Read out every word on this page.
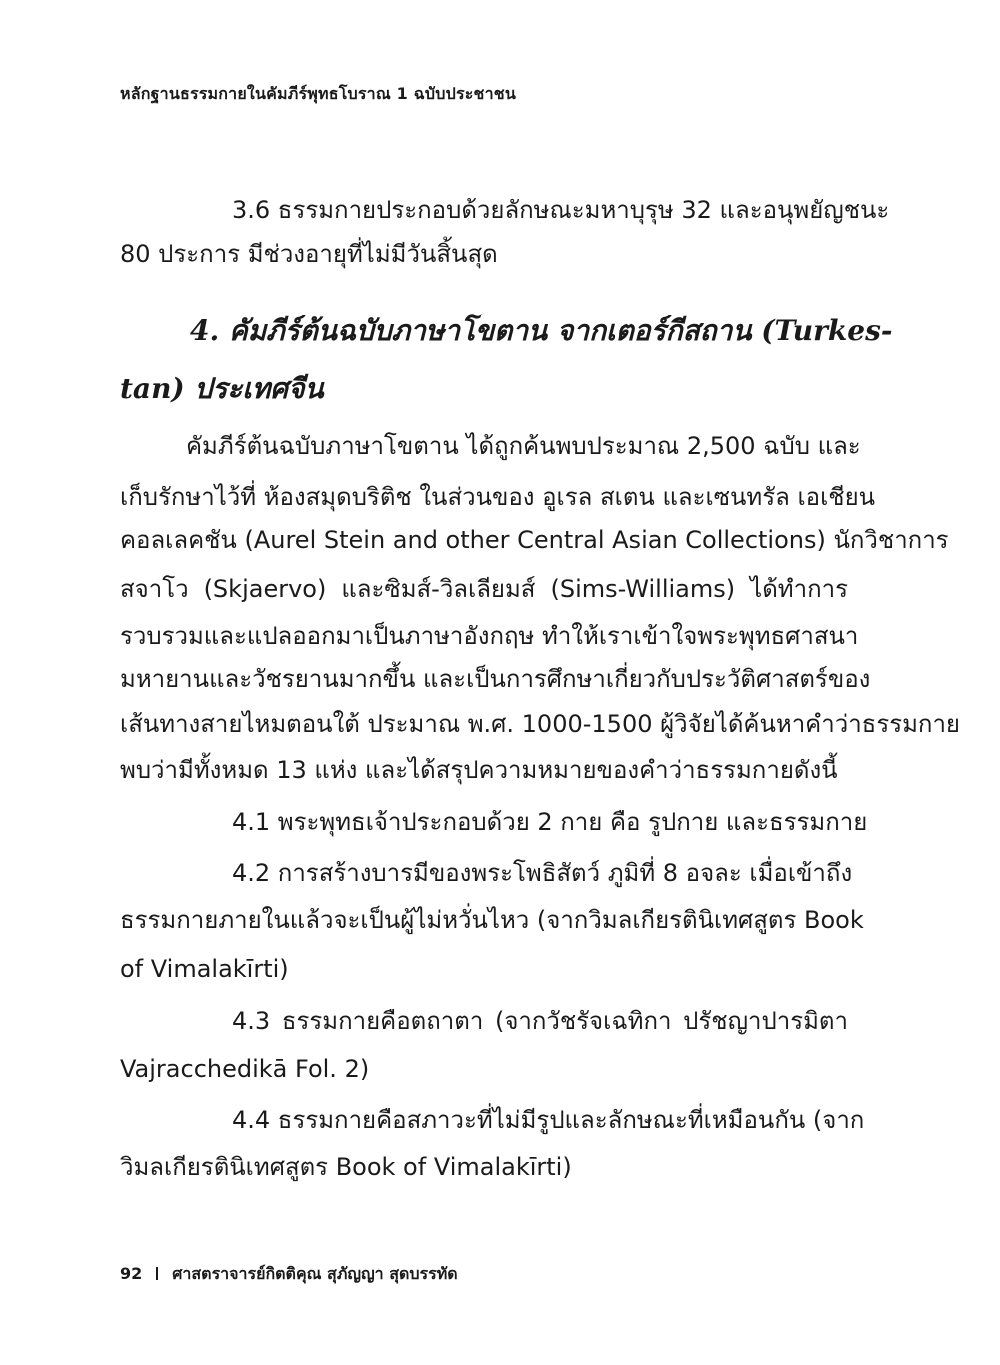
หลักฐานธรรมกายในคัมภีร์พุทธโบราณ 1 ฉบับประชาชน
3.6 ธรรมกายประกอบด้วยลักษณะมหาบุรุษ 32 และอนุพยัญชนะ
80 ประการ มีช่วงอายุที่ไม่มีวันสิ้นสุด
4. คัมภีร์ต้นฉบับภาษาโขตาน จากเตอร์กีสถาน (Turkes-
tan) ประเทศจีน
คัมภีร์ต้นฉบับภาษาโขตาน ได้ถูกค้นพบประมาณ 2,500 ฉบับ และ
เก็บรักษาไว้ที่ ห้องสมุดบริติช ในส่วนของ อูเรล สเตน และเซนทรัล เอเชียน
คอลเลคชัน (Aurel Stein and other Central Asian Collections) นักวิชาการ
สจาโว (Skjaervo) และซิมส์-วิลเลียมส์ (Sims-Williams) ได้ทำการ
รวบรวมและแปลออกมาเป็นภาษาอังกฤษ ทำให้เราเข้าใจพระพุทธศาสนา
มหายานและวัชรยานมากขึ้น และเป็นการศึกษาเกี่ยวกับประวัติศาสตร์ของ
เส้นทางสายไหมตอนใต้ ประมาณ พ.ศ. 1000-1500 ผู้วิจัยได้ค้นหาคำว่าธรรมกาย
พบว่ามีทั้งหมด 13 แห่ง และได้สรุปความหมายของคำว่าธรรมกายดังนี้
4.1 พระพุทธเจ้าประกอบด้วย 2 กาย คือ รูปกาย และธรรมกาย
4.2 การสร้างบารมีของพระโพธิสัตว์ ภูมิที่ 8 อจละ เมื่อเข้าถึง
ธรรมกายภายในแล้วจะเป็นผู้ไม่หวั่นไหว (จากวิมลเกียรตินิเทศสูตร Book
of Vimalakīrti)
4.3 ธรรมกายคือตถาตา (จากวัชรัจเฉทิกา ปรัชญาปารมิตา
Vajracchedikā Fol. 2)
4.4 ธรรมกายคือสภาวะที่ไม่มีรูปและลักษณะที่เหมือนกัน (จาก
วิมลเกียรตินิเทศสูตร Book of Vimalakīrti)
92 ศาสตราจารย์กิตติคุณ สุภัญญา สุดบรรทัด
